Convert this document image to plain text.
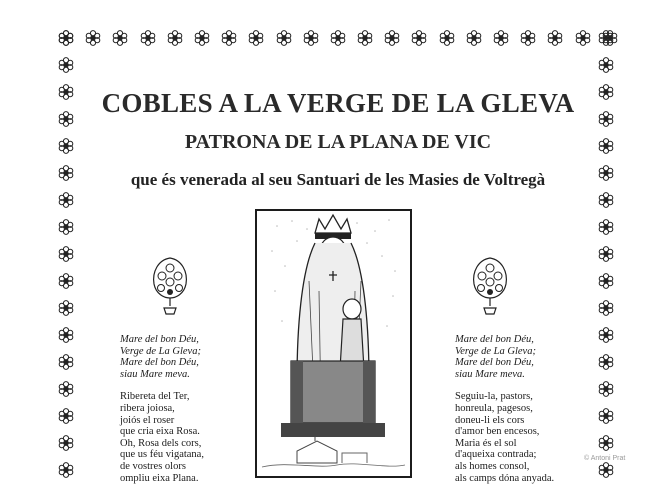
COBLES A LA VERGE DE LA GLEVA
PATRONA DE LA PLANA DE VIC

que és venerada al seu Santuari de les Masies de Voltregà

Mare del bon Déu,
Verge de La Gleva;
Mare del bon Déu,
siau Mare meva.
Ribereta del Ter,
ribera joiosa,
joiós el roser
que cria eixa Rosa.
Oh, Rosa dels cors,
que us féu vigatana,
de vostres olors
ompliu eixa Plana.
Mare del bon Déu,
Verge de La Gleva;
Mare del bon Déu,
siau Mare meva.
Seguiu-la, pastors,
honreula, pagesos,
doneu-li els cors
d'amor ben encesos,
Maria és el sol
d'aqueixa contrada;
als homes consol,
als camps dóna anyada.
© Antoni Prat
